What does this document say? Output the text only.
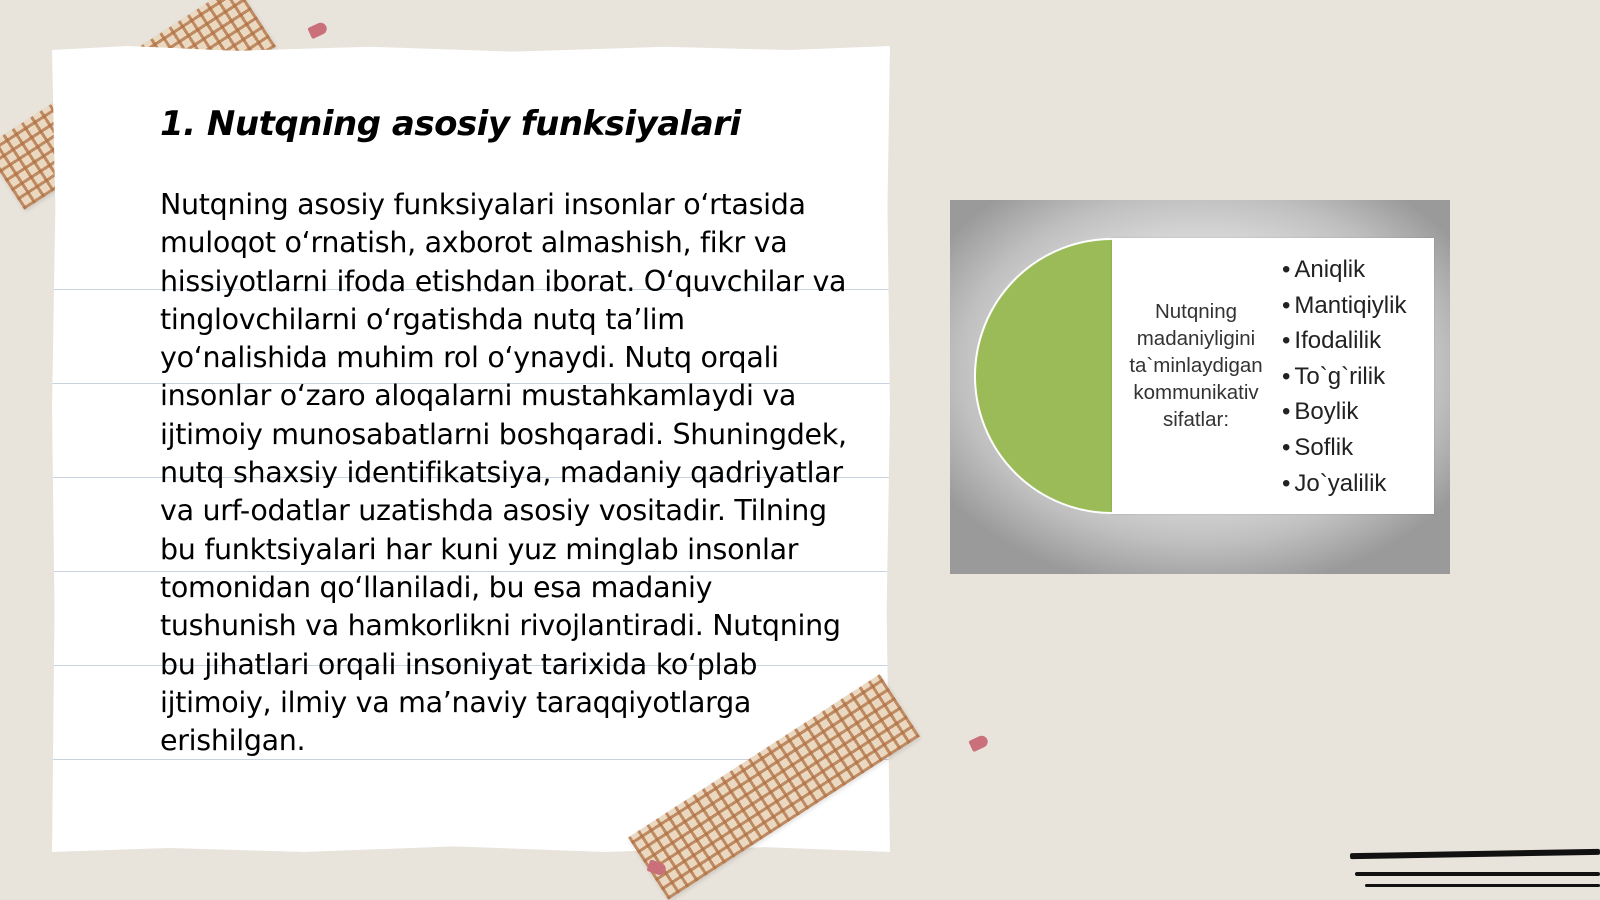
1. Nutqning asosiy funksiyalari

Nutqning asosiy funksiyalari insonlar o‘rtasida muloqot o‘rnatish, axborot almashish, fikr va hissiyotlarni ifoda etishdan iborat. O‘quvchilar va tinglovchilarni o‘rgatishda nutq ta’lim yo‘nalishida muhim rol o‘ynaydi. Nutq orqali insonlar o‘zaro aloqalarni mustahkamlaydi va ijtimoiy munosabatlarni boshqaradi. Shuningdek, nutq shaxsiy identifikatsiya, madaniy qadriyatlar va urf-odatlar uzatishda asosiy vositadir. Tilning bu funktsiyalari har kuni yuz minglab insonlar tomonidan qo‘llaniladi, bu esa madaniy tushunish va hamkorlikni rivojlantiradi. Nutqning bu jihatlari orqali insoniyat tarixida ko‘plab ijtimoiy, ilmiy va ma’naviy taraqqiyotlarga erishilgan.

Nutqning
madaniyligini
ta`minlaydigan
kommunikativ
sifatlar:
• Aniqlik
• Mantiqiylik
• Ifodalilik
• To`g`rilik
• Boylik
• Soflik
• Jo`yalilik
